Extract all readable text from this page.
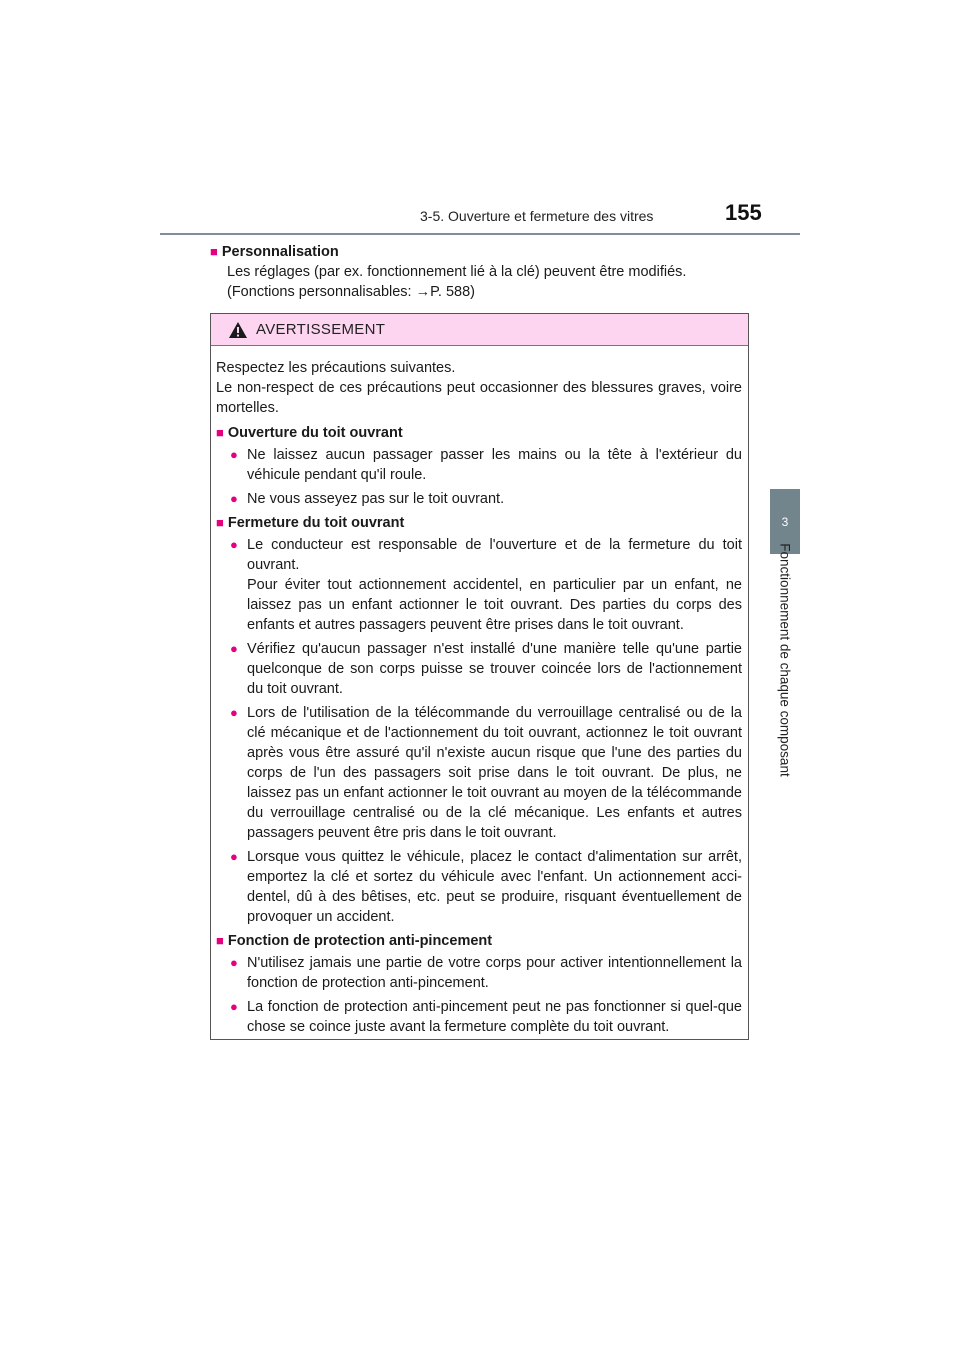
3-5. Ouverture et fermeture des vitres	155
3
Fonctionnement de chaque composant
■ Personnalisation
Les réglages (par ex. fonctionnement lié à la clé) peuvent être modifiés.
(Fonctions personnalisables: →P. 588)
AVERTISSEMENT
Respectez les précautions suivantes.
Le non-respect de ces précautions peut occasionner des blessures graves, voire mortelles.
■ Ouverture du toit ouvrant
● Ne laissez aucun passager passer les mains ou la tête à l'extérieur du véhicule pendant qu'il roule.
● Ne vous asseyez pas sur le toit ouvrant.
■ Fermeture du toit ouvrant
● Le conducteur est responsable de l'ouverture et de la fermeture du toit ouvrant.
Pour éviter tout actionnement accidentel, en particulier par un enfant, ne laissez pas un enfant actionner le toit ouvrant. Des parties du corps des enfants et autres passagers peuvent être prises dans le toit ouvrant.
● Vérifiez qu'aucun passager n'est installé d'une manière telle qu'une partie quelconque de son corps puisse se trouver coincée lors de l'actionnement du toit ouvrant.
● Lors de l'utilisation de la télécommande du verrouillage centralisé ou de la clé mécanique et de l'actionnement du toit ouvrant, actionnez le toit ouvrant après vous être assuré qu'il n'existe aucun risque que l'une des parties du corps de l'un des passagers soit prise dans le toit ouvrant. De plus, ne laissez pas un enfant actionner le toit ouvrant au moyen de la télécommande du verrouillage centralisé ou de la clé mécanique. Les enfants et autres passagers peuvent être pris dans le toit ouvrant.
● Lorsque vous quittez le véhicule, placez le contact d'alimentation sur arrêt, emportez la clé et sortez du véhicule avec l'enfant. Un actionnement acci-dentel, dû à des bêtises, etc. peut se produire, risquant éventuellement de provoquer un accident.
■ Fonction de protection anti-pincement
● N'utilisez jamais une partie de votre corps pour activer intentionnellement la fonction de protection anti-pincement.
● La fonction de protection anti-pincement peut ne pas fonctionner si quel-que chose se coince juste avant la fermeture complète du toit ouvrant.
